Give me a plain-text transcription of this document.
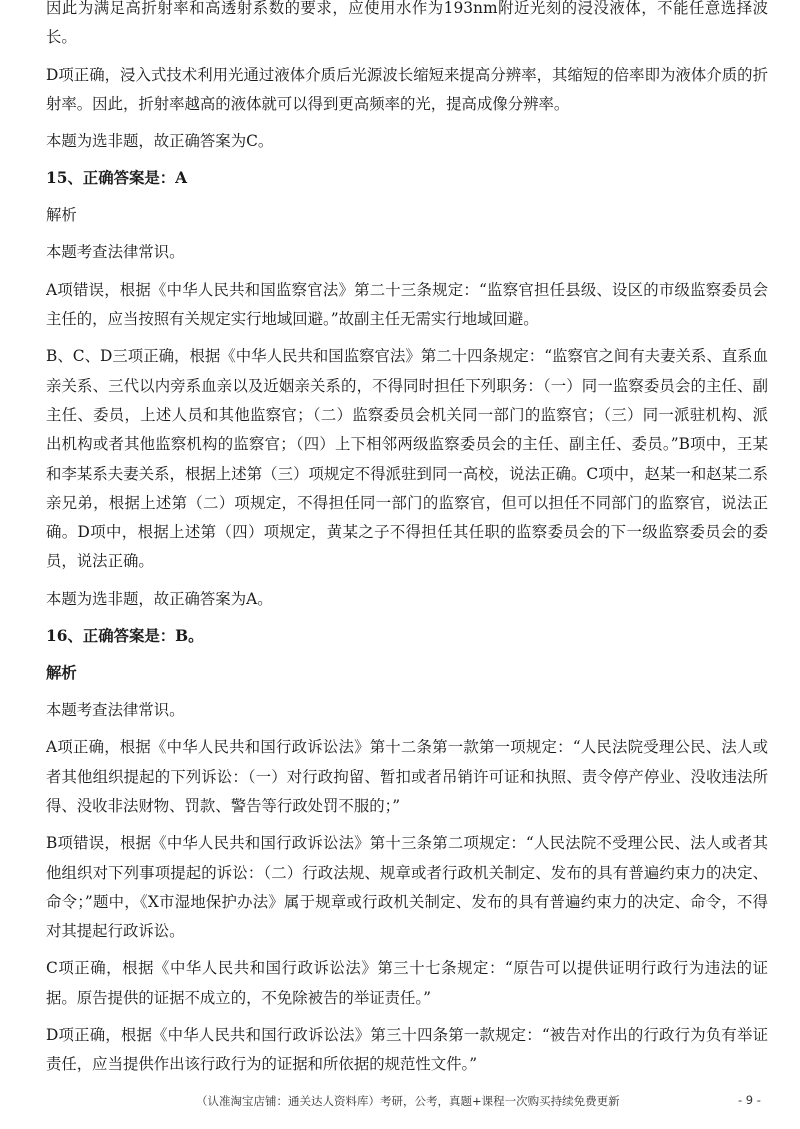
因此为满足高折射率和高透射系数的要求，应使用水作为193nm附近光刻的浸没液体，不能任意选择波长。

D项正确，浸入式技术利用光通过液体介质后光源波长缩短来提高分辨率，其缩短的倍率即为液体介质的折射率。因此，折射率越高的液体就可以得到更高频率的光，提高成像分辨率。

本题为选非题，故正确答案为C。

15、正确答案是：A

解析

本题考查法律常识。

A项错误，根据《中华人民共和国监察官法》第二十三条规定：“监察官担任县级、设区的市级监察委员会主任的，应当按照有关规定实行地域回避。”故副主任无需实行地域回避。

B、C、D三项正确，根据《中华人民共和国监察官法》第二十四条规定：“监察官之间有夫妻关系、直系血亲关系、三代以内旁系血亲以及近姻亲关系的，不得同时担任下列职务：（一）同一监察委员会的主任、副主任、委员，上述人员和其他监察官；（二）监察委员会机关同一部门的监察官；（三）同一派驻机构、派出机构或者其他监察机构的监察官；（四）上下相邻两级监察委员会的主任、副主任、委员。”B项中，王某和李某系夫妻关系，根据上述第（三）项规定不得派驻到同一高校，说法正确。C项中，赵某一和赵某二系亲兄弟，根据上述第（二）项规定，不得担任同一部门的监察官，但可以担任不同部门的监察官，说法正确。D项中，根据上述第（四）项规定，黄某之子不得担任其任职的监察委员会的下一级监察委员会的委员，说法正确。

本题为选非题，故正确答案为A。

16、正确答案是：B。

解析

本题考查法律常识。

A项正确，根据《中华人民共和国行政诉讼法》第十二条第一款第一项规定：“人民法院受理公民、法人或者其他组织提起的下列诉讼：（一）对行政拘留、暂扣或者吊销许可证和执照、责令停产停业、没收违法所得、没收非法财物、罚款、警告等行政处罚不服的；”

B项错误，根据《中华人民共和国行政诉讼法》第十三条第二项规定：“人民法院不受理公民、法人或者其他组织对下列事项提起的诉讼：（二）行政法规、规章或者行政机关制定、发布的具有普遍约束力的决定、命令；”题中，《X市湿地保护办法》属于规章或行政机关制定、发布的具有普遍约束力的决定、命令，不得对其提起行政诉讼。

C项正确，根据《中华人民共和国行政诉讼法》第三十七条规定：“原告可以提供证明行政行为违法的证据。原告提供的证据不成立的，不免除被告的举证责任。”

D项正确，根据《中华人民共和国行政诉讼法》第三十四条第一款规定：“被告对作出的行政行为负有举证责任，应当提供作出该行政行为的证据和所依据的规范性文件。”

（认准淘宝店铺：通关达人资料库）考研，公考，真题+课程一次购买持续免费更新	- 9 -
